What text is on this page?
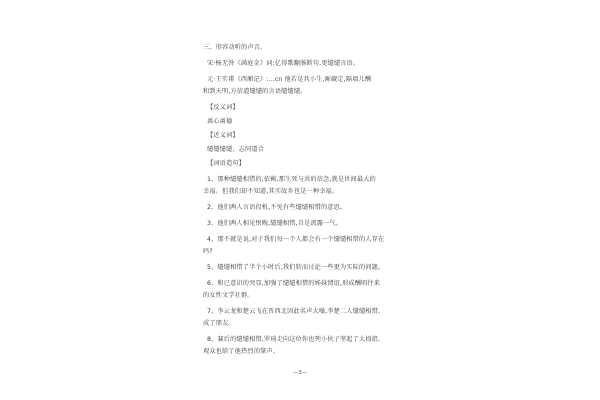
三、形容动听的声音。
宋·杨无咎《满庭金》词:亿得歌翻肠断句,更缱缱言语。
元·王实甫《西厢记》:…cn 他若是共小生,厮觑定,隔墙儿酬
和到天明,方信道缱缱的言语缱缱缱。
【反义词】
离心离德
【近义词】
缱缱缱缱、志同道合
【词语造句】
1、那种缱缱相惜的,依赖,那生死与共的信念,就是世间最大的
幸福。但我们却不知道,其实故乡也是一种幸福。
2、他们两人言语投机,不免有些缱缱相惜的意思。
3、他们两人相见恨晚,缱缱相惜,自是流露一气。
4、那不就是说,对于我们每一个人都会有一个缱缱相惜的人存在
吗?
5、缱缱相惜了半个小时后,我们转而讨论一些更为实际的问题。
6、和已意识的突显,加强了缱缱相惜的姊妹情谊,形成酬唱往来
的女性文学社群。
7、李云龙和楚云飞在晋西北因此名声大噪,李楚二人缱缱相惜,
成了朋友。
8、赛后的缱缱相惜,罗琦走向这位你也列小伙子坚起了大拇指,
观众也给了他热烈的掌声。
—3—
